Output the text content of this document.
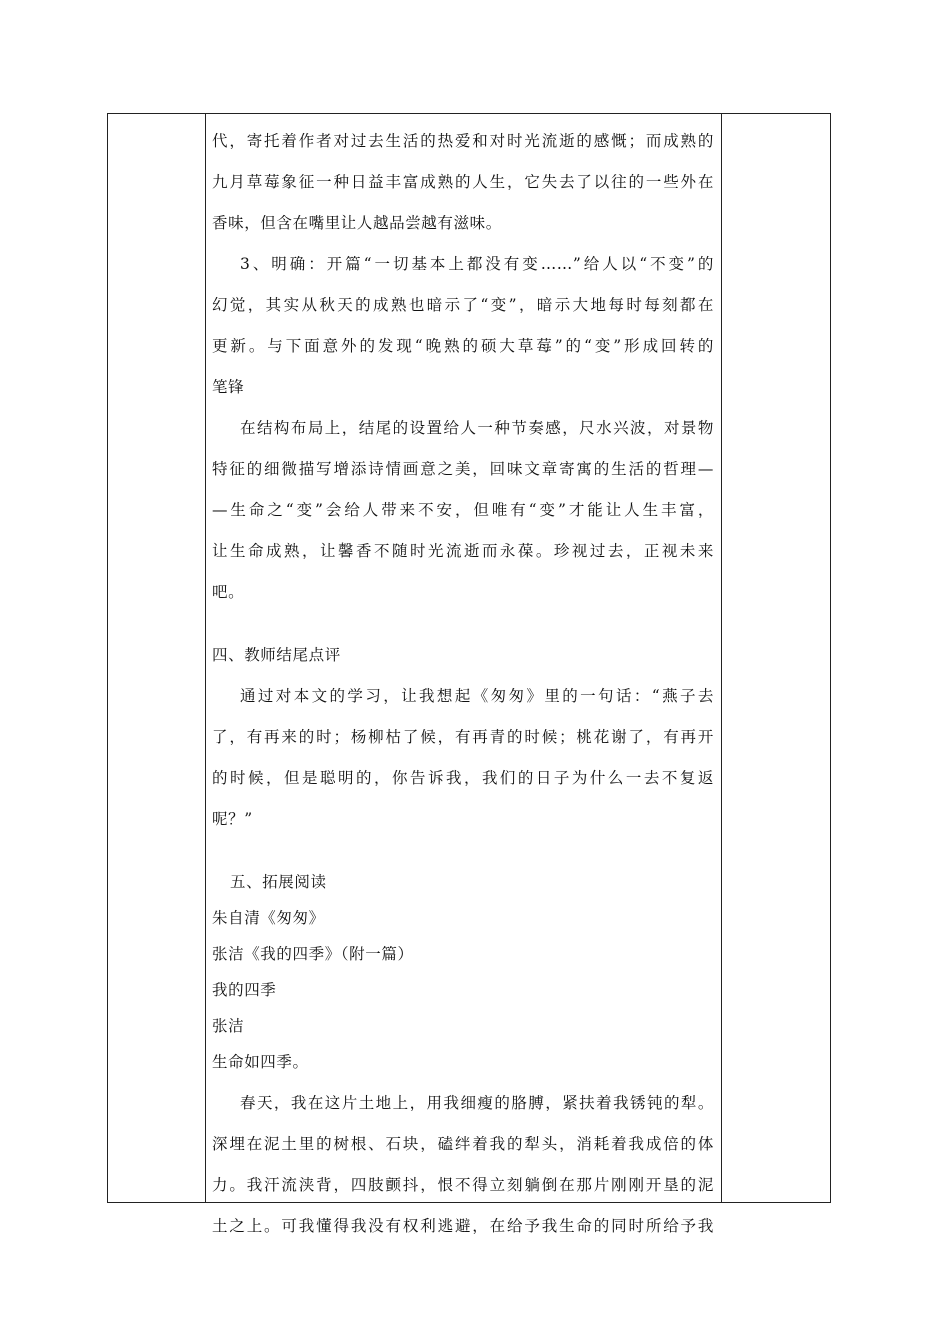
代，寄托着作者对过去生活的热爱和对时光流逝的感慨；而成熟的
九月草莓象征一种日益丰富成熟的人生，它失去了以往的一些外在
香味，但含在嘴里让人越品尝越有滋味。
3、明确：开篇“一切基本上都没有变……”给人以“不变”的
幻觉，其实从秋天的成熟也暗示了“变”，暗示大地每时每刻都在
更新。与下面意外的发现“晚熟的硕大草莓”的“变”形成回转的
笔锋
在结构布局上，结尾的设置给人一种节奏感，尺水兴波，对景物
特征的细微描写增添诗情画意之美，回味文章寄寓的生活的哲理—
—生命之“变”会给人带来不安，但唯有“变”才能让人生丰富，
让生命成熟，让馨香不随时光流逝而永葆。珍视过去，正视未来
吧。
四、教师结尾点评
通过对本文的学习，让我想起《匆匆》里的一句话：“燕子去
了，有再来的时；杨柳枯了候，有再青的时候；桃花谢了，有再开
的时候，但是聪明的，你告诉我，我们的日子为什么一去不复返
呢？”
五、拓展阅读
朱自清《匆匆》
张洁《我的四季》（附一篇）
我的四季
张洁
生命如四季。
春天，我在这片土地上，用我细瘦的胳膊，紧扶着我锈钝的犁。
深埋在泥土里的树根、石块，磕绊着我的犁头，消耗着我成倍的体
力。我汗流浃背，四肢颤抖，恨不得立刻躺倒在那片刚刚开垦的泥
土之上。可我懂得我没有权利逃避，在给予我生命的同时所给予我
